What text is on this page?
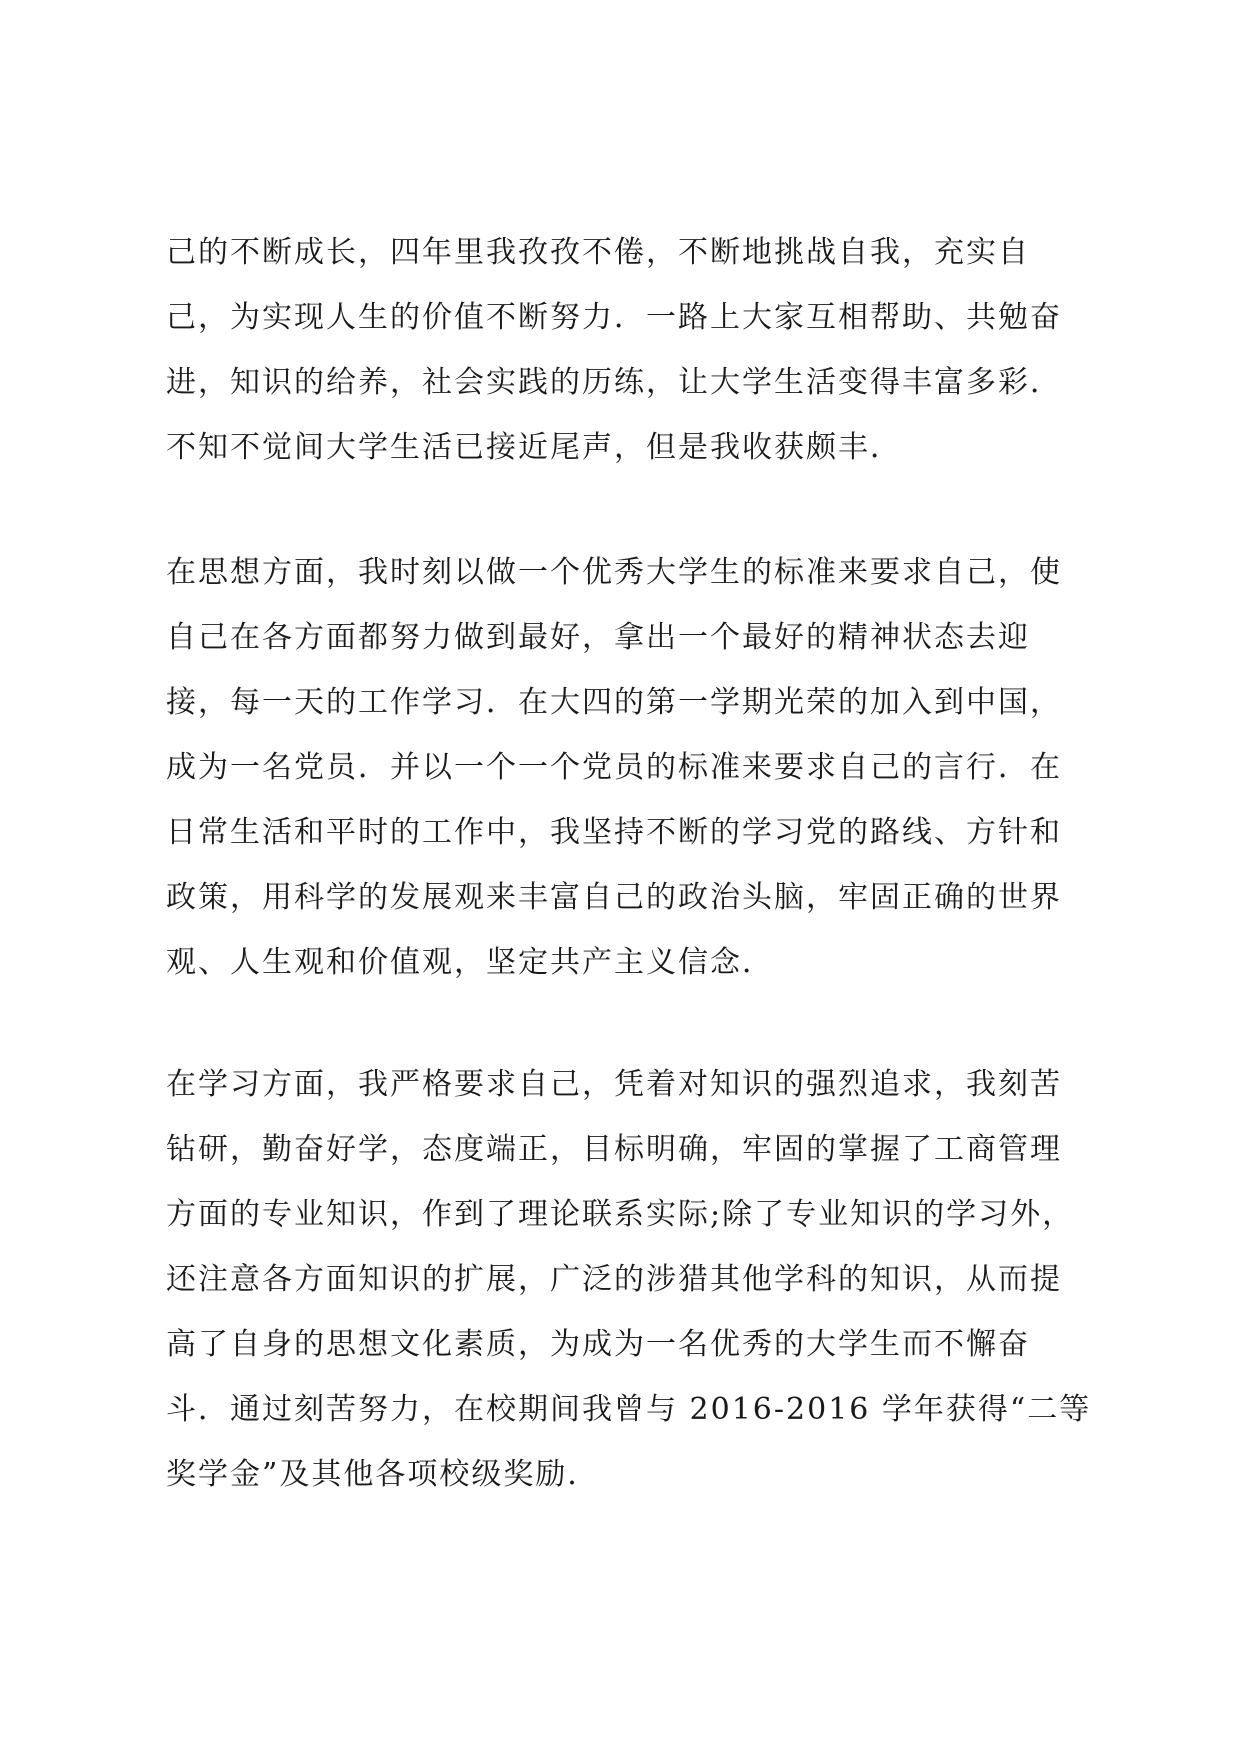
己的不断成长，四年里我孜孜不倦，不断地挑战自我，充实自
己，为实现人生的价值不断努力．一路上大家互相帮助、共勉奋
进，知识的给养，社会实践的历练，让大学生活变得丰富多彩．
不知不觉间大学生活已接近尾声，但是我收获颇丰．
在思想方面，我时刻以做一个优秀大学生的标准来要求自己，使
自己在各方面都努力做到最好，拿出一个最好的精神状态去迎
接，每一天的工作学习．在大四的第一学期光荣的加入到中国，
成为一名党员．并以一个一个党员的标准来要求自己的言行．在
日常生活和平时的工作中，我坚持不断的学习党的路线、方针和
政策，用科学的发展观来丰富自己的政治头脑，牢固正确的世界
观、人生观和价值观，坚定共产主义信念．
在学习方面，我严格要求自己，凭着对知识的强烈追求，我刻苦
钻研，勤奋好学，态度端正，目标明确，牢固的掌握了工商管理
方面的专业知识，作到了理论联系实际;除了专业知识的学习外，
还注意各方面知识的扩展，广泛的涉猎其他学科的知识，从而提
高了自身的思想文化素质，为成为一名优秀的大学生而不懈奋
斗．通过刻苦努力，在校期间我曾与 2016-2016 学年获得“二等
奖学金”及其他各项校级奖励．
